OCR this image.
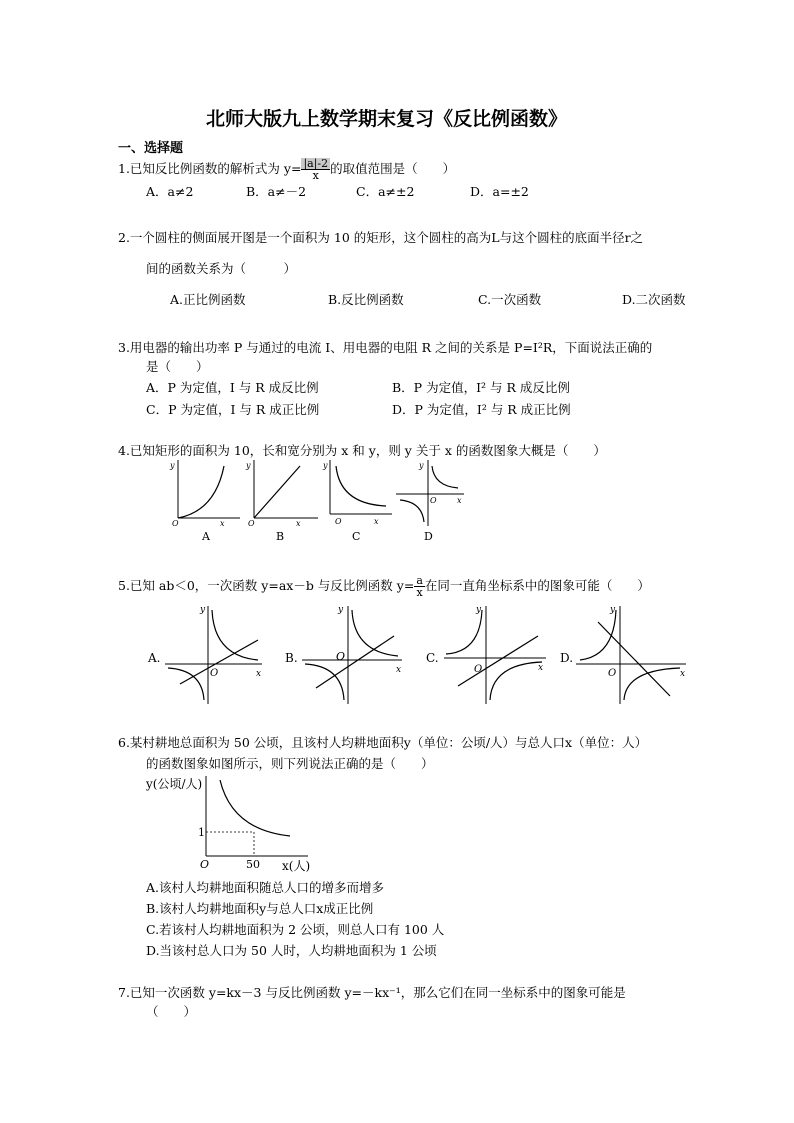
北师大版九上数学期末复习《反比例函数》
一、选择题
1.已知反比例函数的解析式为 $y= \frac{|a|-2}{x}$ 的取值范围是（　　）
A．a≠2	B．a≠－2	C．a≠±2	D．a=±2
2.一个圆柱的侧面展开图是一个面积为 10 的矩形，这个圆柱的高为L与这个圆柱的底面半径r之
间的函数关系为（　　　）
A.正比例函数	B.反比例函数	C.一次函数	D.二次函数
3.用电器的输出功率 P 与通过的电流 I、用电器的电阻 R 之间的关系是 P=I²R，下面说法正确的
是（　　）
A．P 为定值，I 与 R 成反比例	B．P 为定值，I² 与 R 成反比例
C．P 为定值，I 与 R 成正比例	D．P 为定值，I² 与 R 成正比例
4.已知矩形的面积为 10，长和宽分别为 x 和 y，则 y 关于 x 的函数图象大概是（　　）
y
x
O
A
y
x
O
B
y
x
O
C
y
x
O
D
5.已知 ab＜0，一次函数 y=ax－b 与反比例函数 $y= \frac{a}{x}$ 在同一直角坐标系中的图象可能（　　）
A.
y
x
O
B.
y
x
O	C.
y
x
O
D.
y
x
O
6.某村耕地总面积为 50 公顷，且该村人均耕地面积y（单位：公顷/人）与总人口x（单位：人）
的函数图象如图所示，则下列说法正确的是（　　）
y(公顷/人)
1
50 x(人)
O
A.该村人均耕地面积随总人口的增多而增多
B.该村人均耕地面积y与总人口x成正比例
C.若该村人均耕地面积为 2 公顷，则总人口有 100 人
D.当该村总人口为 50 人时，人均耕地面积为 1 公顷
7.已知一次函数 y=kx－3 与反比例函数 y=－kx⁻¹，那么它们在同一坐标系中的图象可能是
（　　）
